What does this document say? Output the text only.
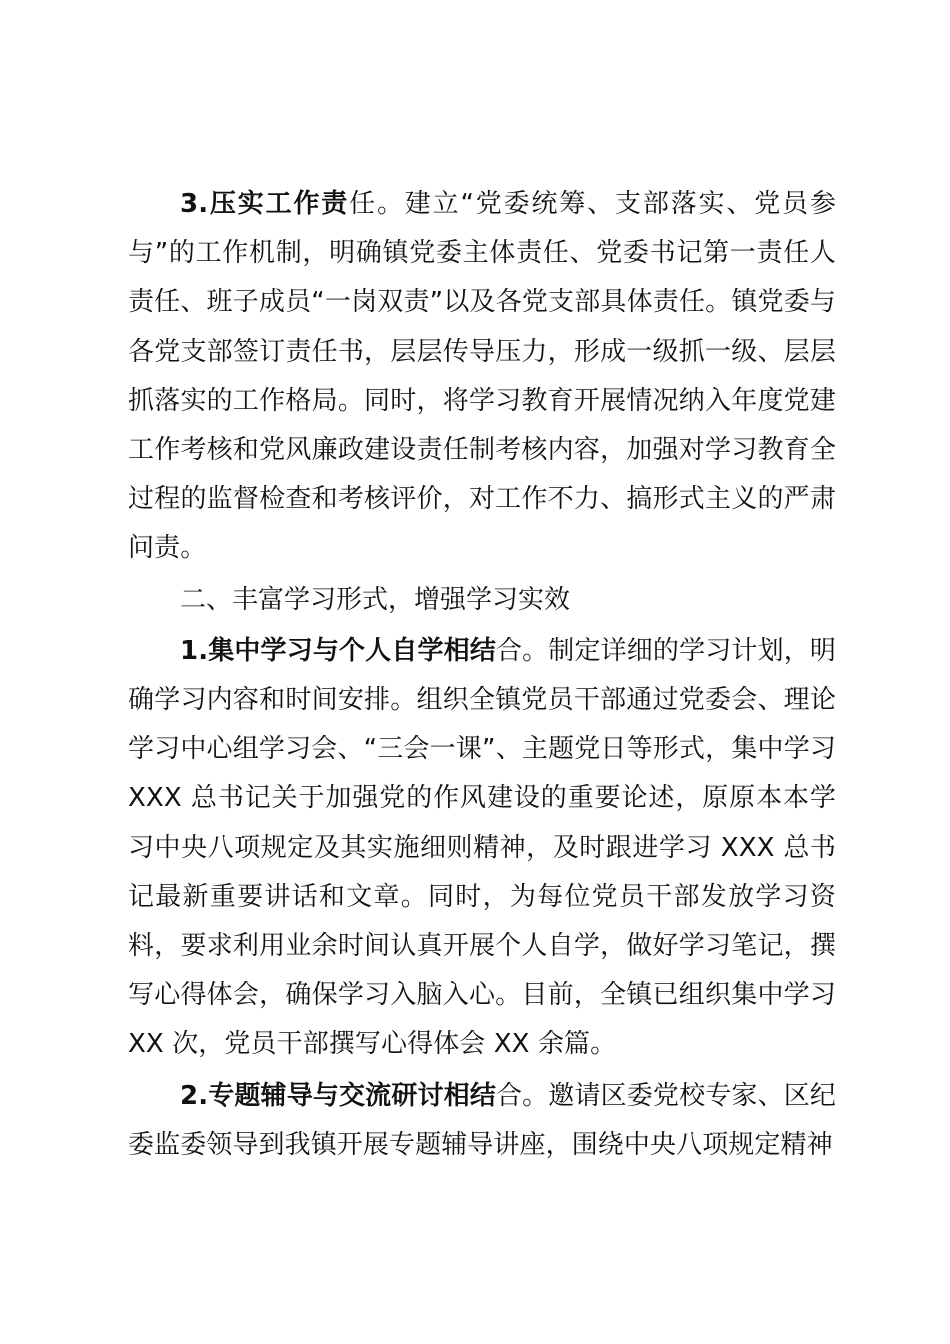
3.压实工作责任。建立“党委统筹、支部落实、党员参与”的工作机制，明确镇党委主体责任、党委书记第一责任人责任、班子成员“一岗双责”以及各党支部具体责任。镇党委与各党支部签订责任书，层层传导压力，形成一级抓一级、层层抓落实的工作格局。同时，将学习教育开展情况纳入年度党建工作考核和党风廉政建设责任制考核内容，加强对学习教育全过程的监督检查和考核评价，对工作不力、搞形式主义的严肃问责。

二、丰富学习形式，增强学习实效

1.集中学习与个人自学相结合。制定详细的学习计划，明确学习内容和时间安排。组织全镇党员干部通过党委会、理论学习中心组学习会、“三会一课”、主题党日等形式，集中学习 XXX 总书记关于加强党的作风建设的重要论述，原原本本学习中央八项规定及其实施细则精神，及时跟进学习 XXX 总书记最新重要讲话和文章。同时，为每位党员干部发放学习资料，要求利用业余时间认真开展个人自学，做好学习笔记，撰写心得体会，确保学习入脑入心。目前，全镇已组织集中学习 XX 次，党员干部撰写心得体会 XX 余篇。

2.专题辅导与交流研讨相结合。邀请区委党校专家、区纪委监委领导到我镇开展专题辅导讲座，围绕中央八项规定精神
